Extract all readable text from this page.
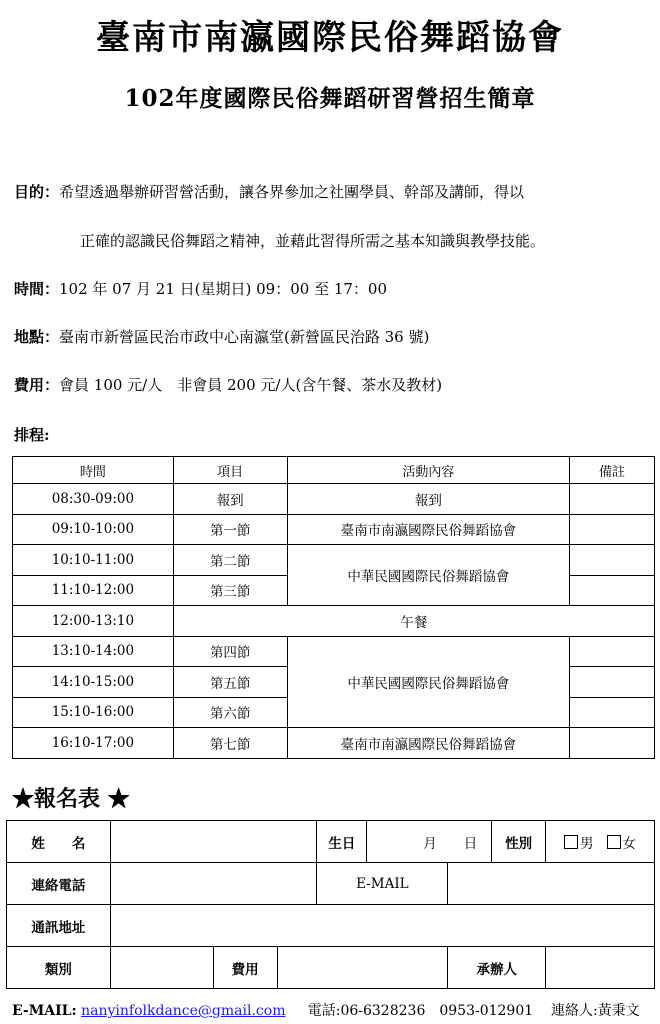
臺南市南瀛國際民俗舞蹈協會
102年度國際民俗舞蹈研習營招生簡章
目的：希望透過舉辦研習營活動，讓各界參加之社團學員、幹部及講師，得以
正確的認識民俗舞蹈之精神，並藉此習得所需之基本知識與教學技能。
時間：102 年 07 月 21 日(星期日) 09：00 至 17：00
地點：臺南市新營區民治市政中心南瀛堂(新營區民治路 36 號)
費用：會員 100 元/人　非會員 200 元/人(含午餐、茶水及教材)
排程:
時間	項目	活動內容	備註
08:30-09:00	報到	報到	
09:10-10:00	第一節	臺南市南瀛國際民俗舞蹈協會	
10:10-11:00	第二節	中華民國國際民俗舞蹈協會	
11:10-12:00	第三節		
12:00-13:10	午餐		
13:10-14:00	第四節	中華民國國際民俗舞蹈協會	
14:10-15:00	第五節		
15:10-16:00	第六節		
16:10-17:00	第七節	臺南市南瀛國際民俗舞蹈協會	
★報名表 ★
姓　　名				生日	月　　日		性別	男 女
連絡電話				E-MAIL				
通訊地址								
類別		費用				承辦人		
E-MAIL: nanyinfolkdance@gmail.com 電話:06-6328236　0953-012901 連絡人:黃秉文
